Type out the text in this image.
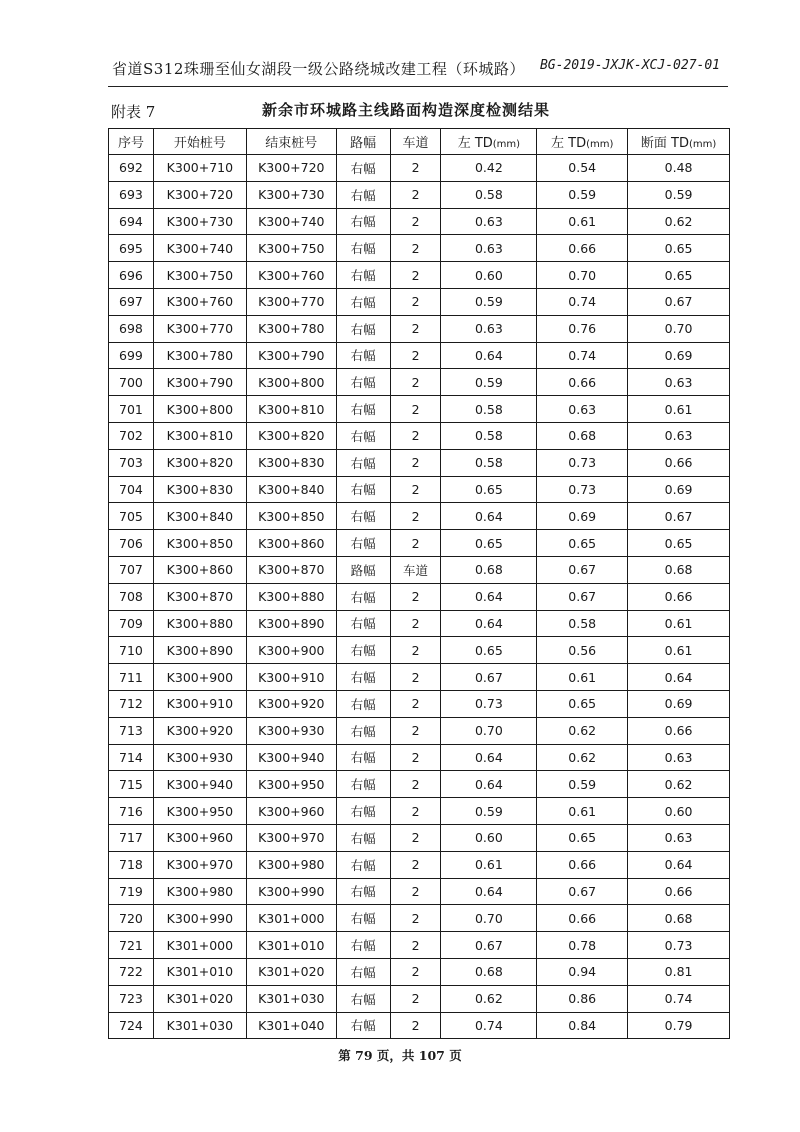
省道S312珠珊至仙女湖段一级公路绕城改建工程（环城路） BG-2019-JXJK-XCJ-027-01
附表 7	新余市环城路主线路面构造深度检测结果
序号	开始桩号	结束桩号	路幅	车道	左 TD(mm)	左 TD(mm)	断面 TD(mm)
692	K300+710	K300+720	右幅	2	0.42	0.54	0.48
693	K300+720	K300+730	右幅	2	0.58	0.59	0.59
694	K300+730	K300+740	右幅	2	0.63	0.61	0.62
695	K300+740	K300+750	右幅	2	0.63	0.66	0.65
696	K300+750	K300+760	右幅	2	0.60	0.70	0.65
697	K300+760	K300+770	右幅	2	0.59	0.74	0.67
698	K300+770	K300+780	右幅	2	0.63	0.76	0.70
699	K300+780	K300+790	右幅	2	0.64	0.74	0.69
700	K300+790	K300+800	右幅	2	0.59	0.66	0.63
701	K300+800	K300+810	右幅	2	0.58	0.63	0.61
702	K300+810	K300+820	右幅	2	0.58	0.68	0.63
703	K300+820	K300+830	右幅	2	0.58	0.73	0.66
704	K300+830	K300+840	右幅	2	0.65	0.73	0.69
705	K300+840	K300+850	右幅	2	0.64	0.69	0.67
706	K300+850	K300+860	右幅	2	0.65	0.65	0.65
707	K300+860	K300+870	路幅	车道	0.68	0.67	0.68
708	K300+870	K300+880	右幅	2	0.64	0.67	0.66
709	K300+880	K300+890	右幅	2	0.64	0.58	0.61
710	K300+890	K300+900	右幅	2	0.65	0.56	0.61
711	K300+900	K300+910	右幅	2	0.67	0.61	0.64
712	K300+910	K300+920	右幅	2	0.73	0.65	0.69
713	K300+920	K300+930	右幅	2	0.70	0.62	0.66
714	K300+930	K300+940	右幅	2	0.64	0.62	0.63
715	K300+940	K300+950	右幅	2	0.64	0.59	0.62
716	K300+950	K300+960	右幅	2	0.59	0.61	0.60
717	K300+960	K300+970	右幅	2	0.60	0.65	0.63
718	K300+970	K300+980	右幅	2	0.61	0.66	0.64
719	K300+980	K300+990	右幅	2	0.64	0.67	0.66
720	K300+990	K301+000	右幅	2	0.70	0.66	0.68
721	K301+000	K301+010	右幅	2	0.67	0.78	0.73
722	K301+010	K301+020	右幅	2	0.68	0.94	0.81
723	K301+020	K301+030	右幅	2	0.62	0.86	0.74
724	K301+030	K301+040	右幅	2	0.74	0.84	0.79
第 79 页，共 107 页
